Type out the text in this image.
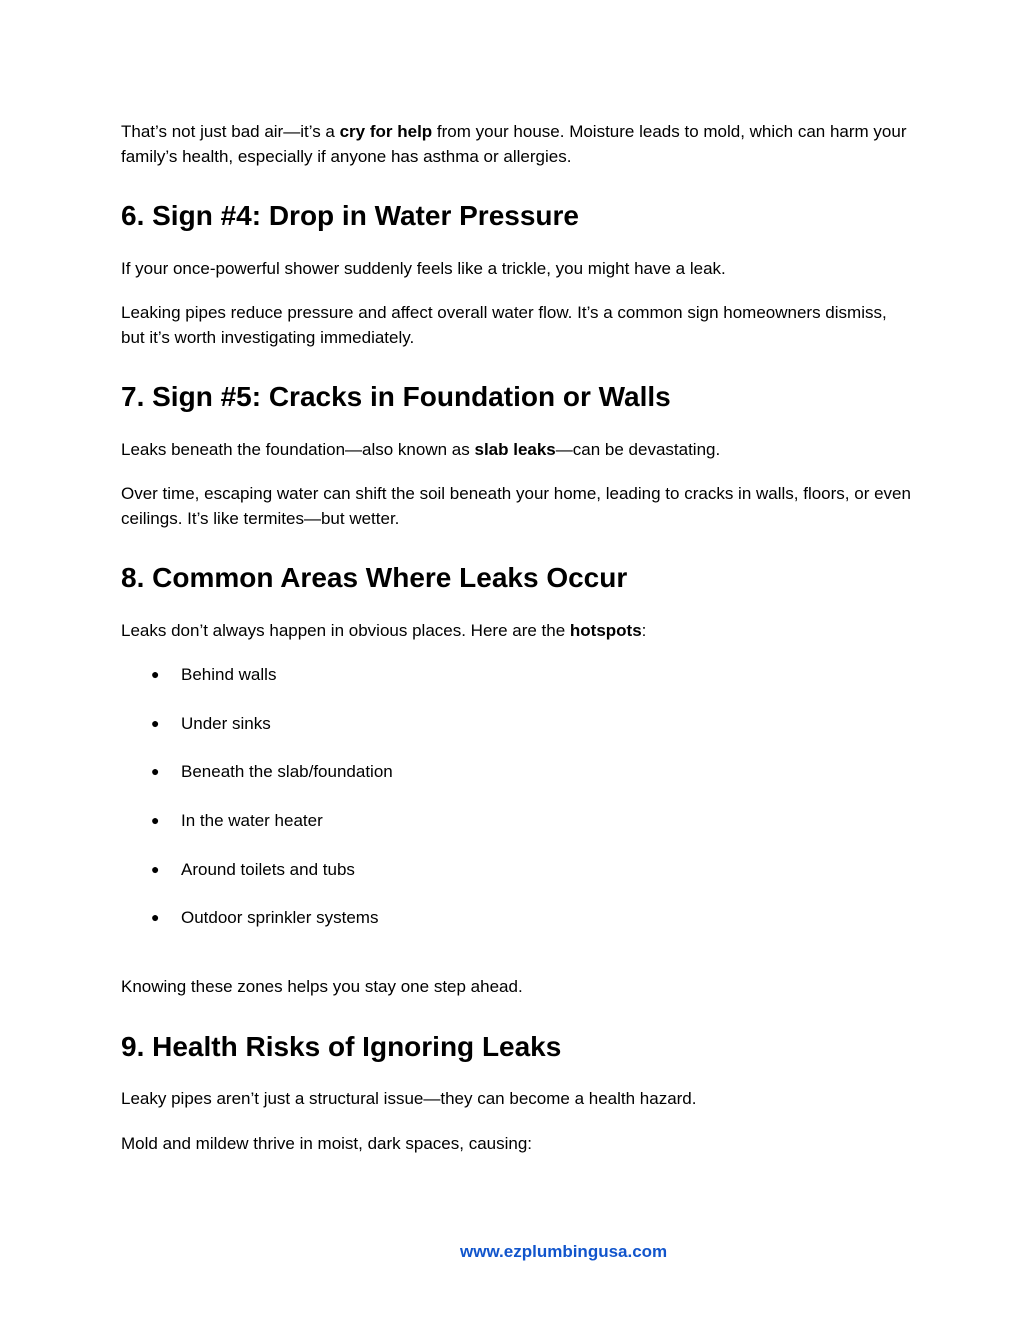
That’s not just bad air—it’s a cry for help from your house. Moisture leads to mold, which can harm your family’s health, especially if anyone has asthma or allergies.

6. Sign #4: Drop in Water Pressure

If your once-powerful shower suddenly feels like a trickle, you might have a leak.

Leaking pipes reduce pressure and affect overall water flow. It’s a common sign homeowners dismiss, but it’s worth investigating immediately.

7. Sign #5: Cracks in Foundation or Walls

Leaks beneath the foundation—also known as slab leaks—can be devastating.

Over time, escaping water can shift the soil beneath your home, leading to cracks in walls, floors, or even ceilings. It’s like termites—but wetter.

8. Common Areas Where Leaks Occur

Leaks don’t always happen in obvious places. Here are the hotspots:

● Behind walls
● Under sinks
● Beneath the slab/foundation
● In the water heater
● Around toilets and tubs
● Outdoor sprinkler systems

Knowing these zones helps you stay one step ahead.

9. Health Risks of Ignoring Leaks

Leaky pipes aren’t just a structural issue—they can become a health hazard.

Mold and mildew thrive in moist, dark spaces, causing:

www.ezplumbingusa.com
